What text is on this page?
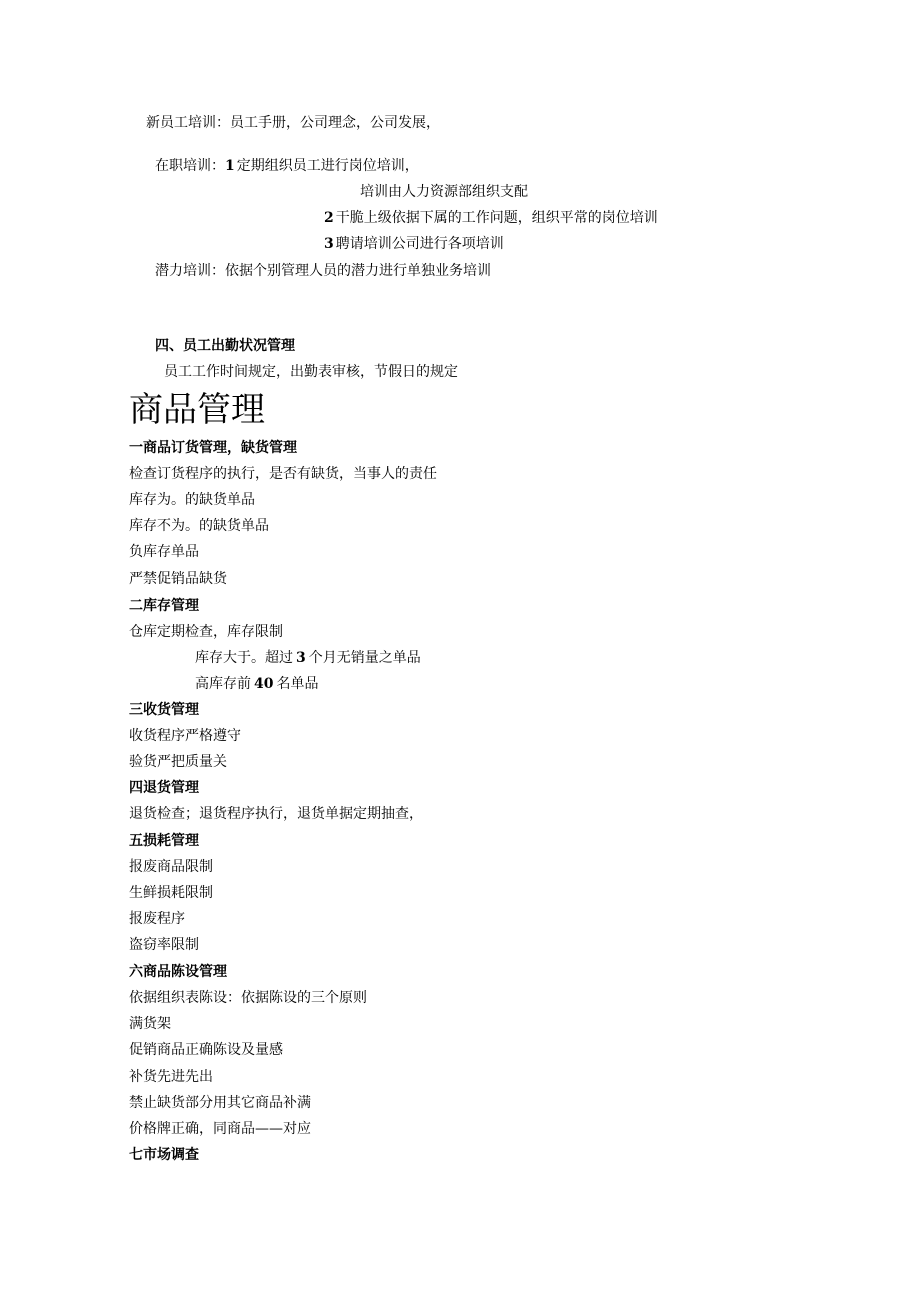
新员工培训：员工手册，公司理念，公司发展，
在职培训：1 定期组织员工进行岗位培训，
培训由人力资源部组织支配
2 干脆上级依据下属的工作问题，组织平常的岗位培训
3 聘请培训公司进行各项培训
潜力培训：依据个别管理人员的潜力进行单独业务培训
四、员工出勤状况管理
员工工作时间规定，出勤表审核，节假日的规定
商品管理
一商品订货管理，缺货管理
检查订货程序的执行，是否有缺货，当事人的责任
库存为。的缺货单品
库存不为。的缺货单品
负库存单品
严禁促销品缺货
二库存管理
仓库定期检查，库存限制
库存大于。超过 3 个月无销量之单品
高库存前 40 名单品
三收货管理
收货程序严格遵守
验货严把质量关
四退货管理
退货检查；退货程序执行，退货单据定期抽查，
五损耗管理
报废商品限制
生鲜损耗限制
报废程序
盗窃率限制
六商品陈设管理
依据组织表陈设：依据陈设的三个原则
满货架
促销商品正确陈设及量感
补货先进先出
禁止缺货部分用其它商品补满
价格牌正确，同商品——对应
七市场调查
